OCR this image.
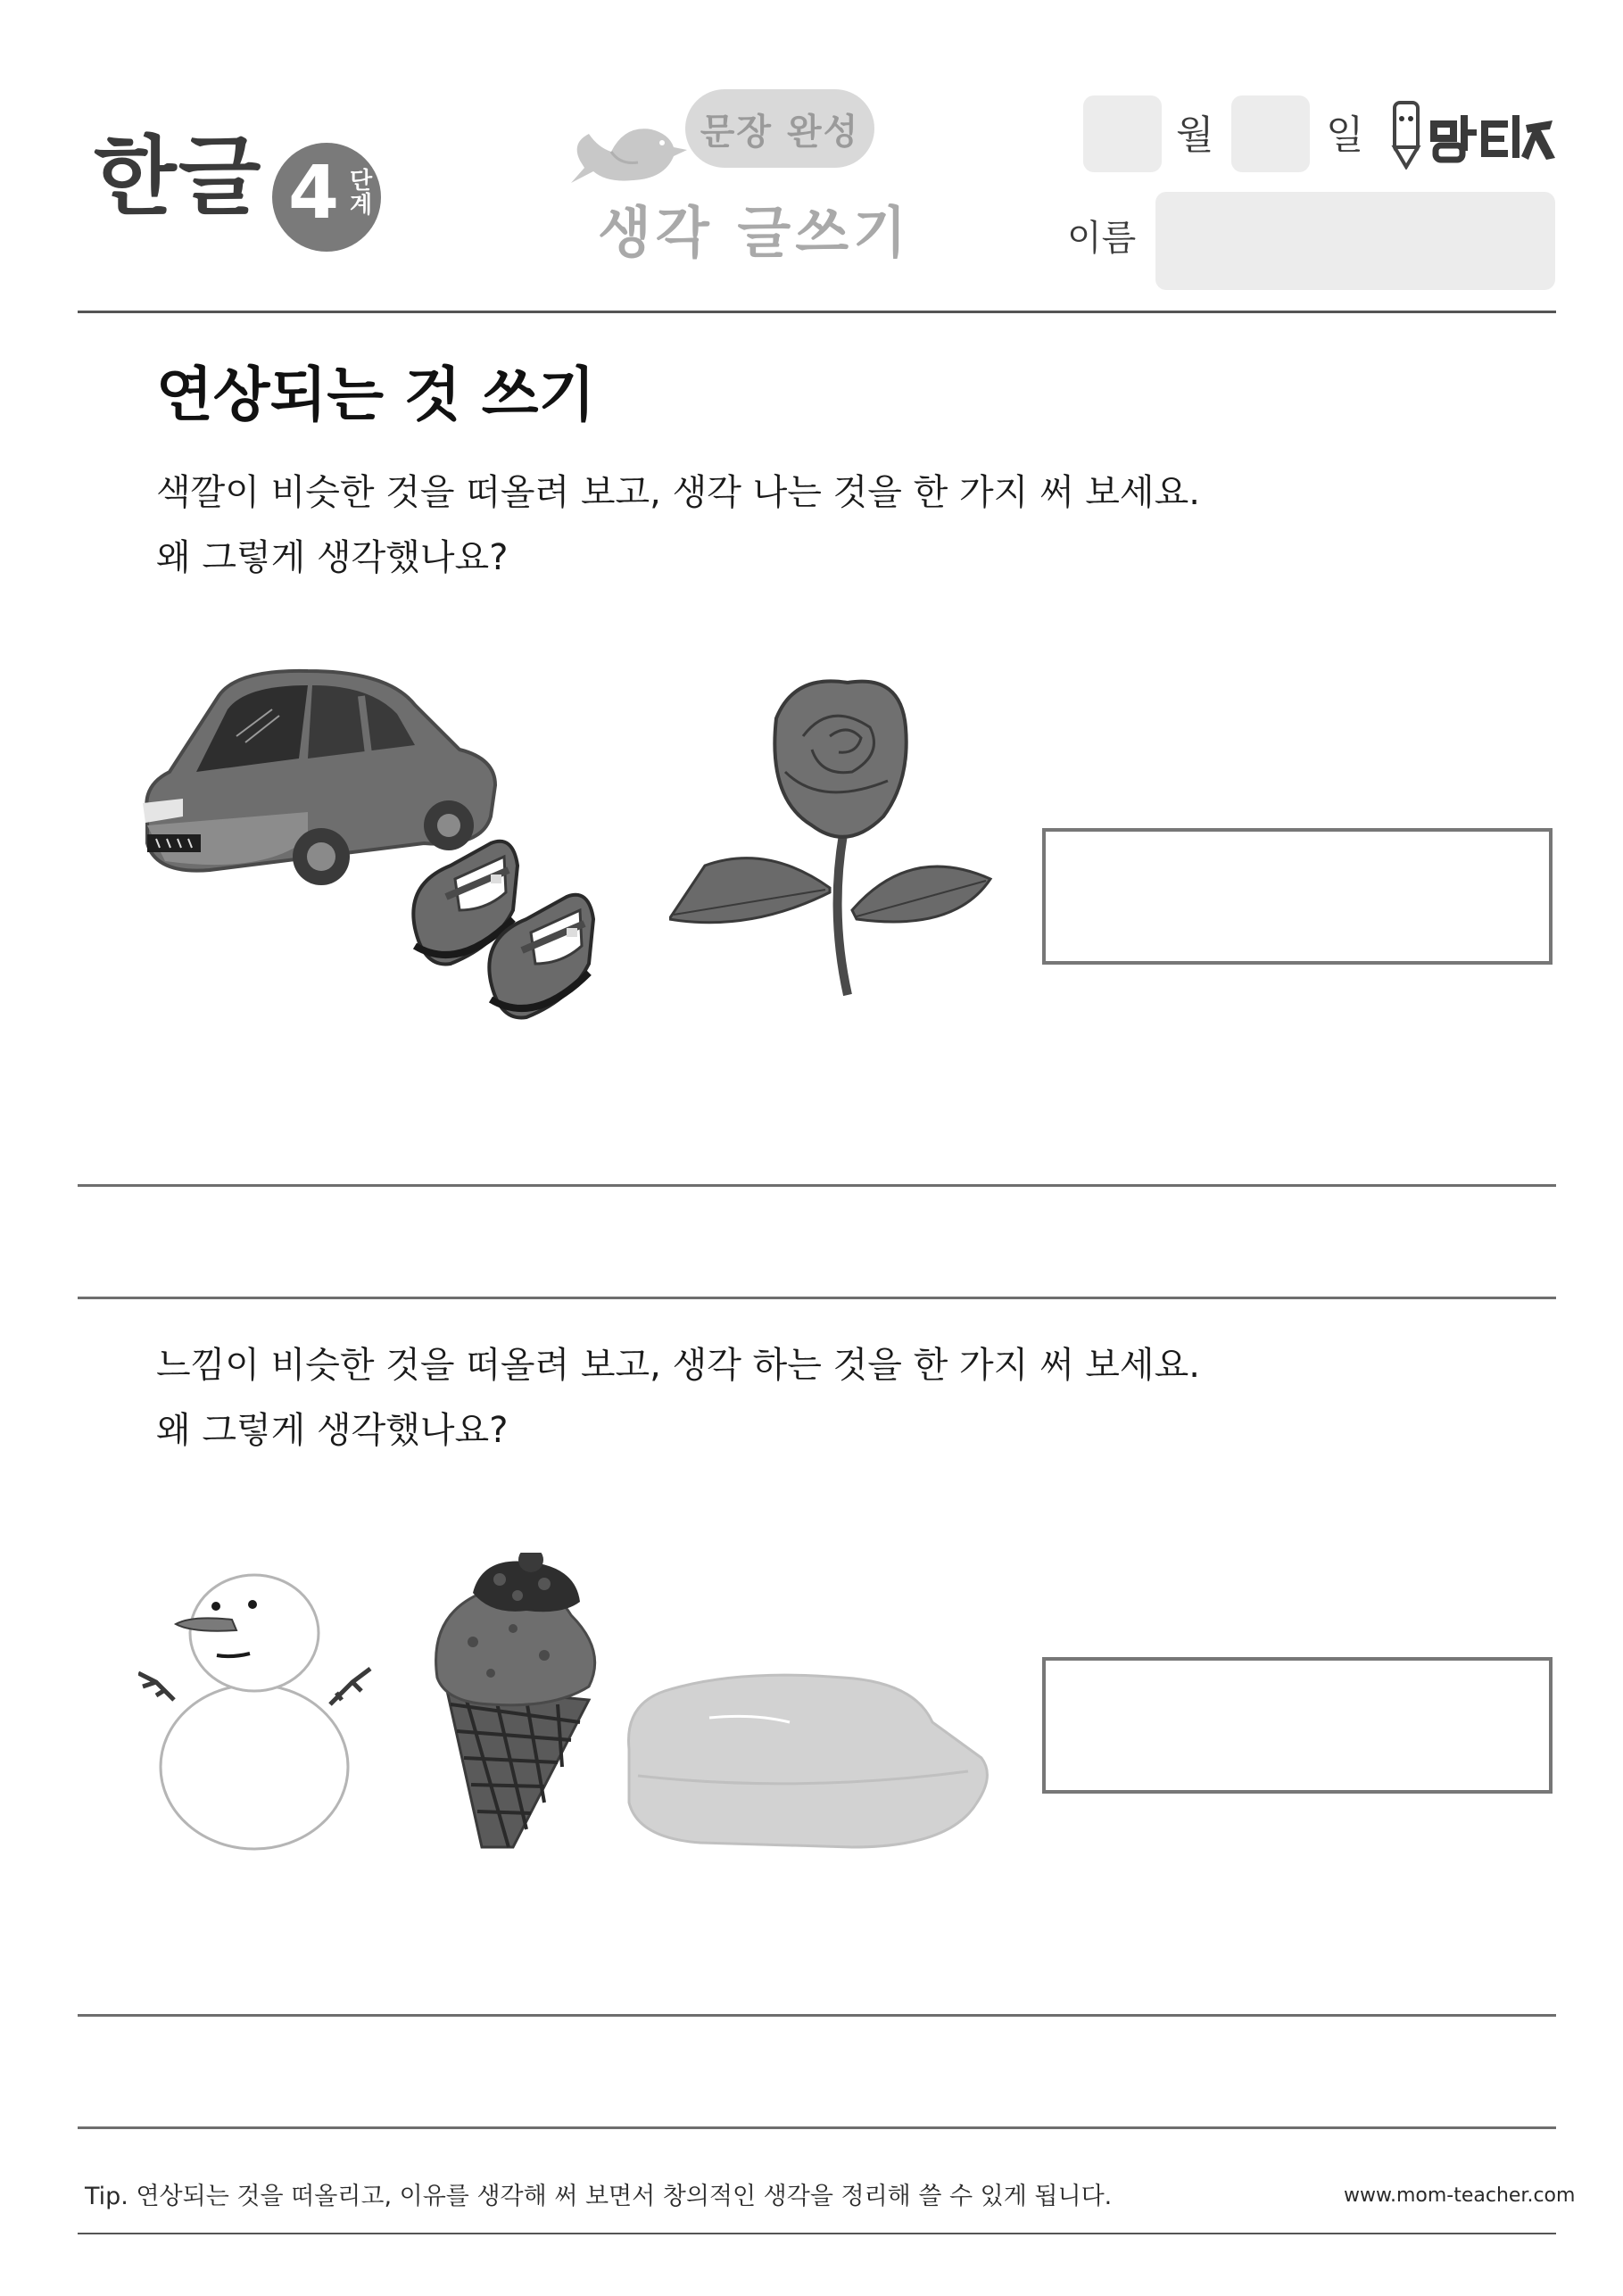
한글 4 단계
문장 완성
생각 글쓰기
월	일
이름
연상되는 것 쓰기
색깔이 비슷한 것을 떠올려 보고, 생각 나는 것을 한 가지 써 보세요.
왜 그렇게 생각했나요?
느낌이 비슷한 것을 떠올려 보고, 생각 하는 것을 한 가지 써 보세요.
왜 그렇게 생각했나요?
Tip. 연상되는 것을 떠올리고, 이유를 생각해 써 보면서 창의적인 생각을 정리해 쓸 수 있게 됩니다.	www.mom-teacher.com
